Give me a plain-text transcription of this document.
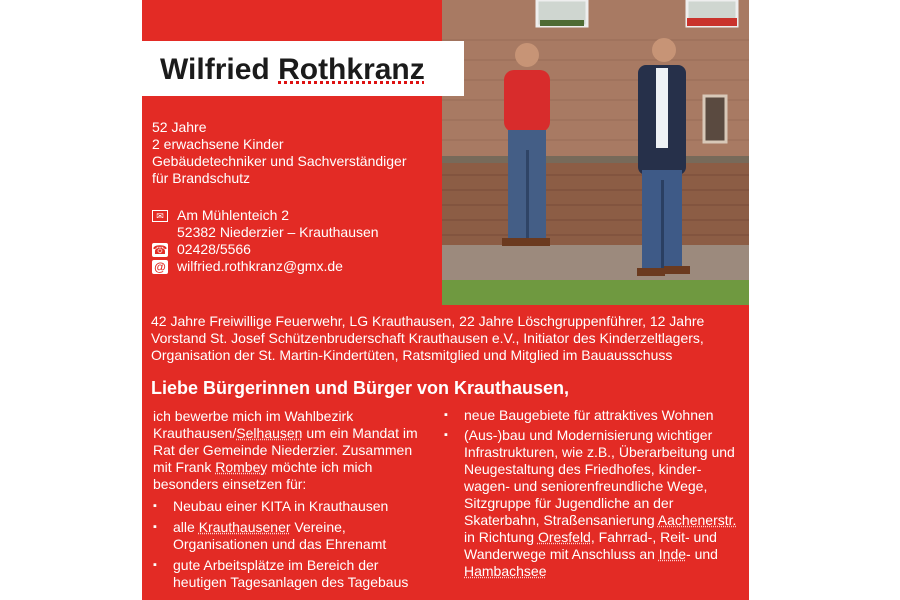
Wilfried Rothkranz
52 Jahre
2 erwachsene Kinder
Gebäudetechniker und Sachverständiger
für Brandschutz
✉ Am Mühlenteich 2
52382 Niederzier – Krauthausen
☎ 02428/5566
@ wilfried.rothkranz@gmx.de
42 Jahre Freiwillige Feuerwehr, LG Krauthausen, 22 Jahre Löschgruppenführer, 12 Jahre
Vorstand St. Josef Schützenbruderschaft Krauthausen e.V., Initiator des Kinderzeltlagers,
Organisation der St. Martin-Kindertüten, Ratsmitglied und Mitglied im Bauausschuss
Liebe Bürgerinnen und Bürger von Krauthausen,
ich bewerbe mich im Wahlbezirk
Krauthausen/Selhausen um ein Mandat im
Rat der Gemeinde Niederzier. Zusammen
mit Frank Rombey möchte ich mich
besonders einsetzen für:
▪ Neubau einer KITA in Krauthausen
▪ alle Krauthausener Vereine,
Organisationen und das Ehrenamt
▪ gute Arbeitsplätze im Bereich der
heutigen Tagesanlagen des Tagebaus
▪ neue Baugebiete für attraktives Wohnen
▪ (Aus-)bau und Modernisierung wichtiger
Infrastrukturen, wie z.B., Überarbeitung und
Neugestaltung des Friedhofes, kinder-
wagen- und seniorenfreundliche Wege,
Sitzgruppe für Jugendliche an der
Skaterbahn, Straßensanierung Aachenerstr.
in Richtung Oresfeld, Fahrrad-, Reit- und
Wanderwege mit Anschluss an Inde- und
Hambachsee
